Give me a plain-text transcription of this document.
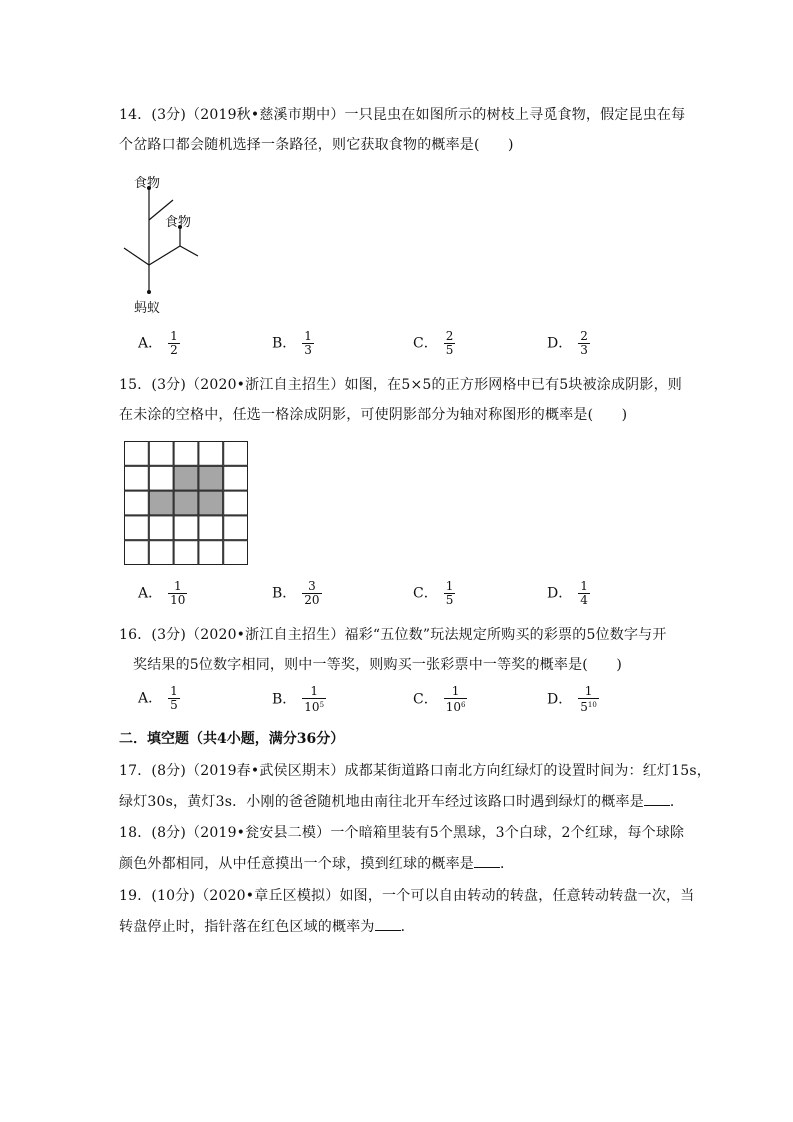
14．(3分)（2019秋•慈溪市期中）一只昆虫在如图所示的树枝上寻觅食物，假定昆虫在每
个岔路口都会随机选择一条路径，则它获取食物的概率是(　　)
食物
食物
蚂蚁
A． $\frac{1}{2}$	B． $\frac{1}{3}$	C． $\frac{2}{5}$	D． $\frac{2}{3}$
15．(3分)（2020•浙江自主招生）如图，在5×5的正方形网格中已有5块被涂成阴影，则
在未涂的空格中，任选一格涂成阴影，可使阴影部分为轴对称图形的概率是(　　)
A． $\frac{1}{10}$	B． $\frac{3}{20}$	C． $\frac{1}{5}$	D． $\frac{1}{4}$
16．(3分)（2020•浙江自主招生）福彩“五位数”玩法规定所购买的彩票的5位数字与开
奖结果的5位数字相同，则中一等奖，则购买一张彩票中一等奖的概率是(　　)
A． $\frac{1}{5}$	B． $\frac{1}{10^5}$	C． $\frac{1}{10^6}$	D． $\frac{1}{5^{10}}$
二．填空题（共4小题，满分36分）
17．(8分)（2019春•武侯区期末）成都某街道路口南北方向红绿灯的设置时间为：红灯15s，
绿灯30s，黄灯3s．小刚的爸爸随机地由南往北开车经过该路口时遇到绿灯的概率是 ．
18．(8分)（2019•瓮安县二模）一个暗箱里装有5个黑球，3个白球，2个红球，每个球除
颜色外都相同，从中任意摸出一个球，摸到红球的概率是 ．
19．(10分)（2020•章丘区模拟）如图，一个可以自由转动的转盘，任意转动转盘一次，当
转盘停止时，指针落在红色区域的概率为 ．
